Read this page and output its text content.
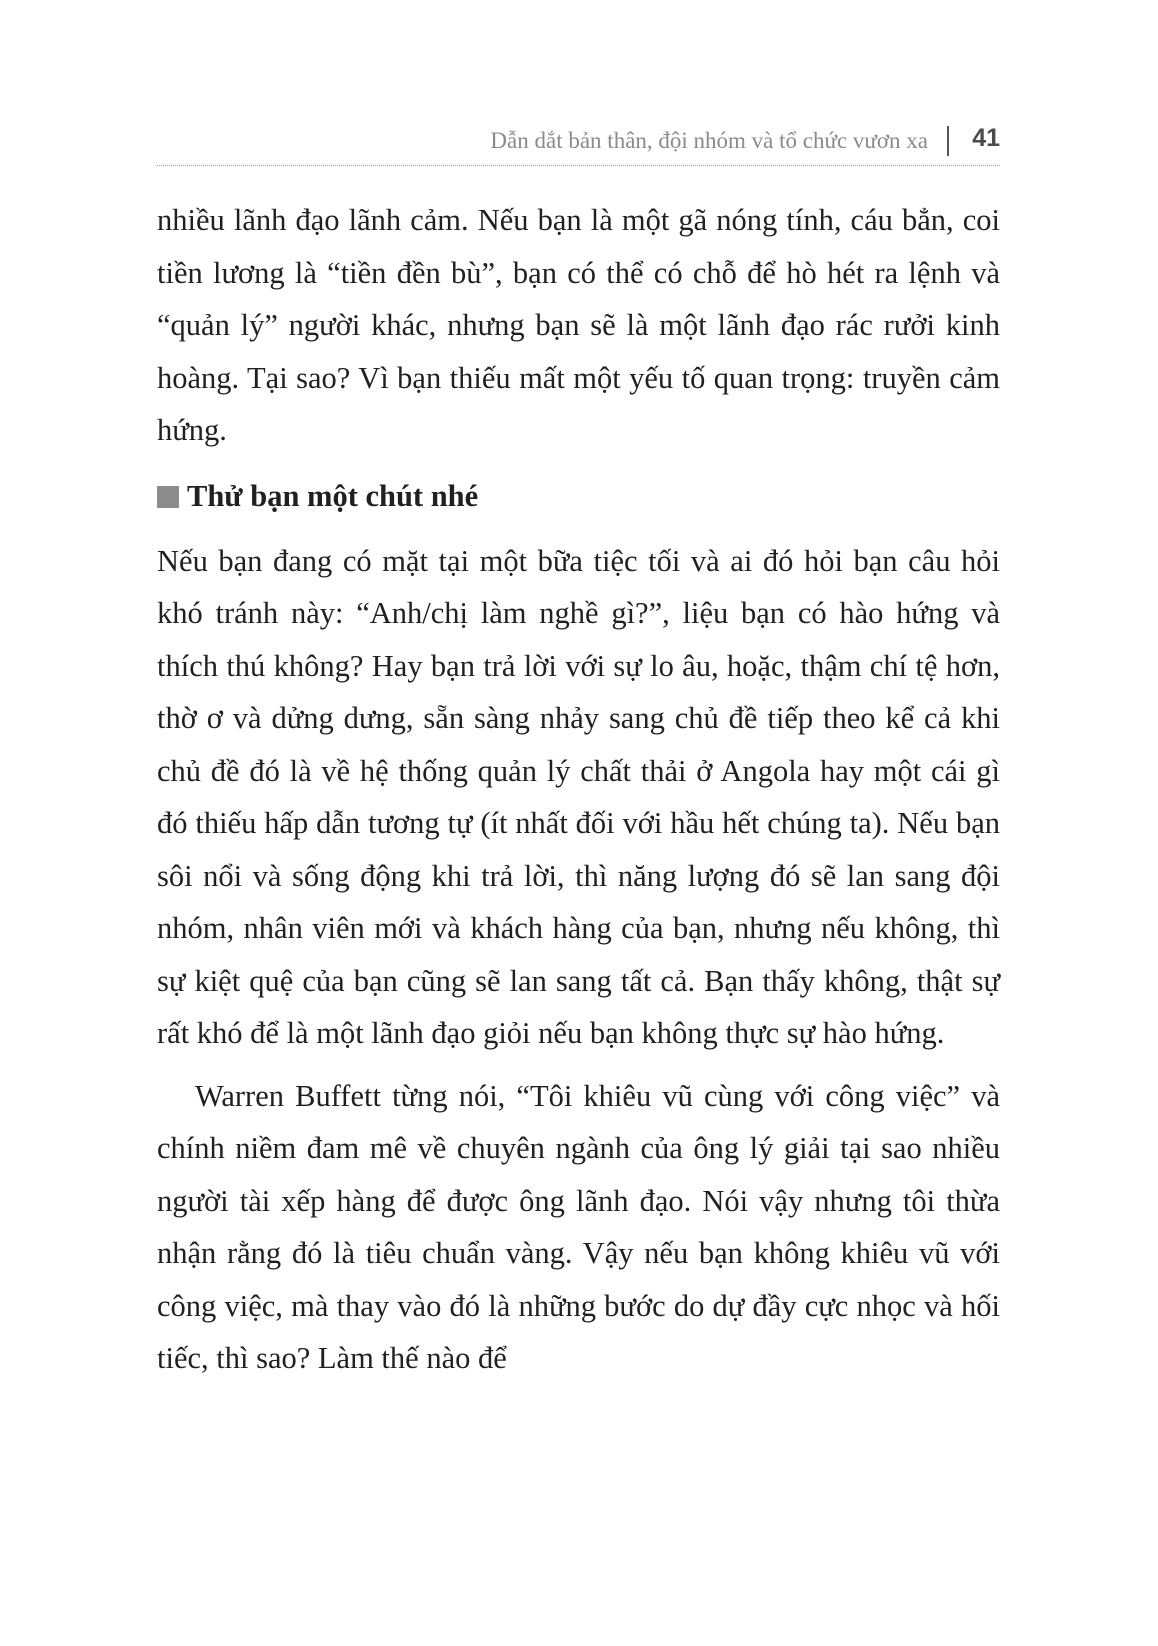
Dẫn dắt bản thân, đội nhóm và tổ chức vươn xa 41

nhiều lãnh đạo lãnh cảm. Nếu bạn là một gã nóng tính, cáu bẳn, coi tiền lương là “tiền đền bù”, bạn có thể có chỗ để hò hét ra lệnh và “quản lý” người khác, nhưng bạn sẽ là một lãnh đạo rác rưởi kinh hoàng. Tại sao? Vì bạn thiếu mất một yếu tố quan trọng: truyền cảm hứng.

Thử bạn một chút nhé

Nếu bạn đang có mặt tại một bữa tiệc tối và ai đó hỏi bạn câu hỏi khó tránh này: “Anh/chị làm nghề gì?”, liệu bạn có hào hứng và thích thú không? Hay bạn trả lời với sự lo âu, hoặc, thậm chí tệ hơn, thờ ơ và dửng dưng, sẵn sàng nhảy sang chủ đề tiếp theo kể cả khi chủ đề đó là về hệ thống quản lý chất thải ở Angola hay một cái gì đó thiếu hấp dẫn tương tự (ít nhất đối với hầu hết chúng ta). Nếu bạn sôi nổi và sống động khi trả lời, thì năng lượng đó sẽ lan sang đội nhóm, nhân viên mới và khách hàng của bạn, nhưng nếu không, thì sự kiệt quệ của bạn cũng sẽ lan sang tất cả. Bạn thấy không, thật sự rất khó để là một lãnh đạo giỏi nếu bạn không thực sự hào hứng.

Warren Buffett từng nói, “Tôi khiêu vũ cùng với công việc” và chính niềm đam mê về chuyên ngành của ông lý giải tại sao nhiều người tài xếp hàng để được ông lãnh đạo. Nói vậy nhưng tôi thừa nhận rằng đó là tiêu chuẩn vàng. Vậy nếu bạn không khiêu vũ với công việc, mà thay vào đó là những bước do dự đầy cực nhọc và hối tiếc, thì sao? Làm thế nào để
